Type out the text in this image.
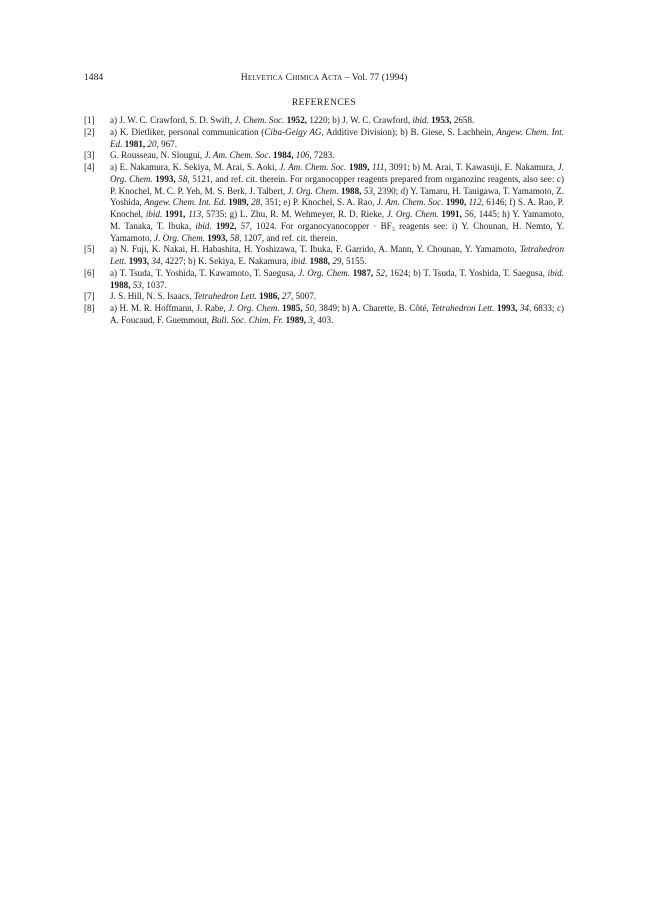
1484	Helvetica Chimica Acta – Vol. 77 (1994)
REFERENCES
[1]	a) J. W. C. Crawford, S. D. Swift, J. Chem. Soc. 1952, 1220; b) J. W. C. Crawford, ibid. 1953, 2658.
[2]	a) K. Dietliker, personal communication (Ciba-Geigy AG, Additive Division); b) B. Giese, S. Lachhein, Angew. Chem. Int. Ed. 1981, 20, 967.
[3]	G. Rousseau, N. Slougui, J. Am. Chem. Soc. 1984, 106, 7283.
[4]	a) E. Nakamura, K. Sekiya, M. Arai, S. Aoki, J. Am. Chem. Soc. 1989, 111, 3091; b) M. Arai, T. Kawasuji, E. Nakamura, J. Org. Chem. 1993, 58, 5121, and ref. cit. therein. For organocopper reagents prepared from organozinc reagents, also see: c) P. Knochel, M. C. P. Yeh, M. S. Berk, J. Talbert, J. Org. Chem. 1988, 53, 2390; d) Y. Tamaru, H. Tanigawa, T. Yamamoto, Z. Yoshida, Angew. Chem. Int. Ed. 1989, 28, 351; e) P. Knochel, S. A. Rao, J. Am. Chem. Soc. 1990, 112, 6146; f) S. A. Rao, P. Knochel, ibid. 1991, 113, 5735; g) L. Zhu, R. M. Wehmeyer, R. D. Rieke, J. Org. Chem. 1991, 56, 1445; h) Y. Yamamoto, M. Tanaka, T. Ibuka, ibid. 1992, 57, 1024. For organocyanocopper · BF₃ reagents see: i) Y. Chounan, H. Nemto, Y. Yamamoto, J. Org. Chem. 1993, 58, 1207, and ref. cit. therein.
[5]	a) N. Fuji, K. Nakai, H. Habashita, H. Yoshizawa, T. Ibuka, F. Garrido, A. Mann, Y. Chounan, Y. Yamamoto, Tetrahedron Lett. 1993, 34, 4227; b) K. Sekiya, E. Nakamura, ibid. 1988, 29, 5155.
[6]	a) T. Tsuda, T. Yoshida, T. Kawamoto, T. Saegusa, J. Org. Chem. 1987, 52, 1624; b) T. Tsuda, T. Yoshida, T. Saegusa, ibid. 1988, 53, 1037.
[7]	J. S. Hill, N. S. Isaacs, Tetrahedron Lett. 1986, 27, 5007.
[8]	a) H. M. R. Hoffmann, J. Rabe, J. Org. Chem. 1985, 50, 3849; b) A. Charette, B. Côté, Tetrahedron Lett. 1993, 34, 6833; c) A. Foucaud, F. Guemmout, Bull. Soc. Chim. Fr. 1989, 3, 403.
